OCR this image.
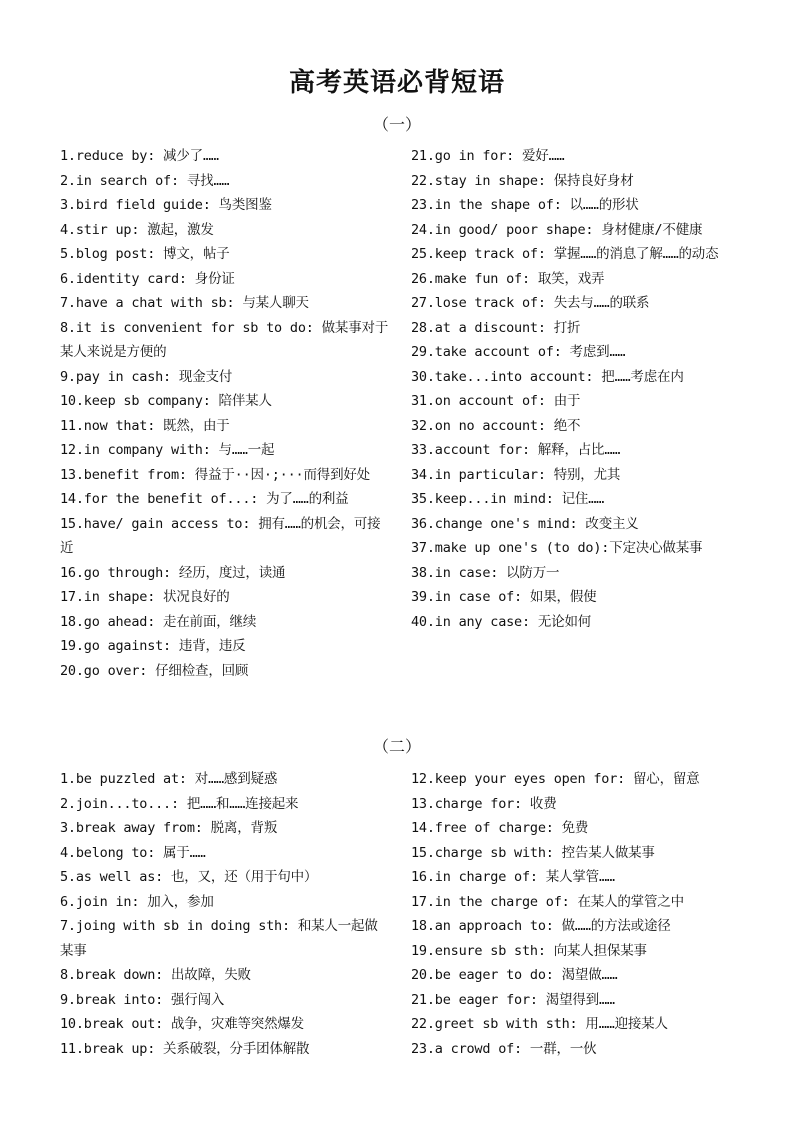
高考英语必背短语
（一）
1.reduce by: 减少了……
2.in search of: 寻找……
3.bird field guide: 鸟类图鉴
4.stir up: 激起，激发
5.blog post: 博文，帖子
6.identity card: 身份证
7.have a chat with sb: 与某人聊天
8.it is convenient for sb to do: 做某事对于某人来说是方便的
9.pay in cash: 现金支付
10.keep sb company: 陪伴某人
11.now that: 既然，由于
12.in company with: 与……一起
13.benefit from: 得益于··因·;···而得到好处
14.for the benefit of...: 为了……的利益
15.have/ gain access to: 拥有……的机会，可接近
16.go through: 经历，度过，读通
17.in shape: 状况良好的
18.go ahead: 走在前面，继续
19.go against: 违背，违反
20.go over: 仔细检查，回顾
21.go in for: 爱好……
22.stay in shape: 保持良好身材
23.in the shape of: 以……的形状
24.in good/ poor shape: 身材健康/不健康
25.keep track of: 掌握……的消息了解……的动态
26.make fun of: 取笑，戏弄
27.lose track of: 失去与……的联系
28.at a discount: 打折
29.take account of: 考虑到……
30.take...into account: 把……考虑在内
31.on account of: 由于
32.on no account: 绝不
33.account for: 解释，占比……
34.in particular: 特别，尤其
35.keep...in mind: 记住……
36.change one's mind: 改变主义
37.make up one's (to do):下定决心做某事
38.in case: 以防万一
39.in case of: 如果，假使
40.in any case: 无论如何
（二）
1.be puzzled at: 对……感到疑惑
2.join...to...: 把……和……连接起来
3.break away from: 脱离，背叛
4.belong to: 属于……
5.as well as: 也，又，还（用于句中）
6.join in: 加入，参加
7.joing with sb in doing sth: 和某人一起做某事
8.break down: 出故障，失败
9.break into: 强行闯入
10.break out: 战争，灾难等突然爆发
11.break up: 关系破裂，分手团体解散
12.keep your eyes open for: 留心，留意
13.charge for: 收费
14.free of charge: 免费
15.charge sb with: 控告某人做某事
16.in charge of: 某人掌管……
17.in the charge of: 在某人的掌管之中
18.an approach to: 做……的方法或途径
19.ensure sb sth: 向某人担保某事
20.be eager to do: 渴望做……
21.be eager for: 渴望得到……
22.greet sb with sth: 用……迎接某人
23.a crowd of: 一群，一伙
